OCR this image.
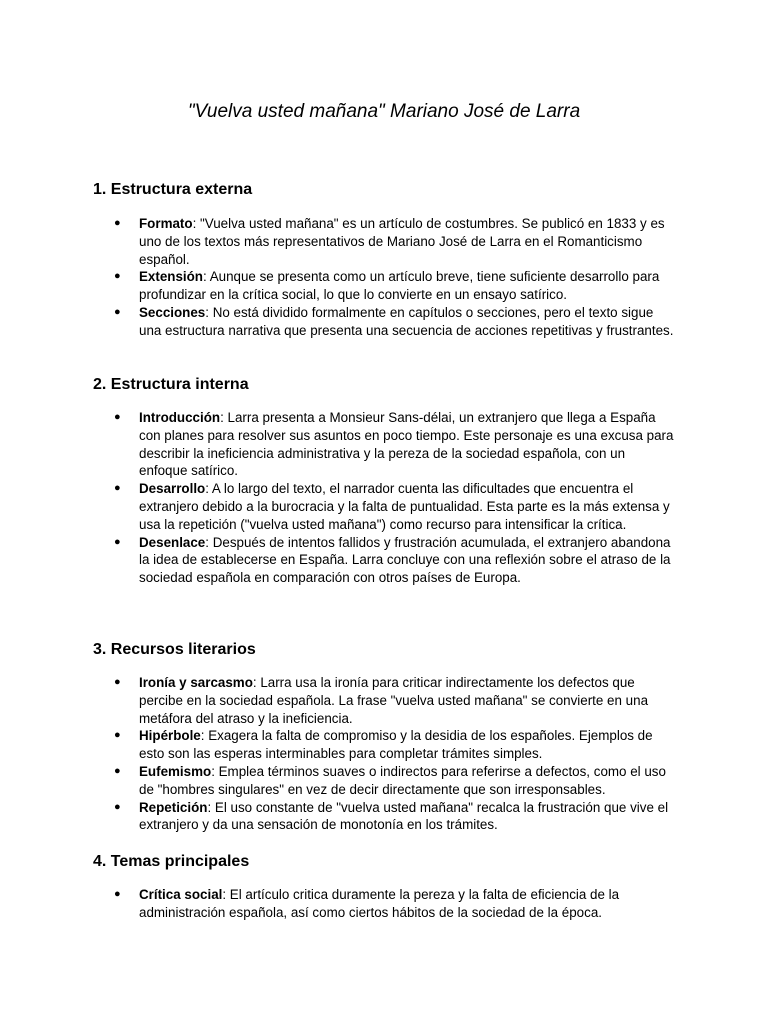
"Vuelva usted mañana" Mariano José de Larra
1. Estructura externa
● Formato: "Vuelva usted mañana" es un artículo de costumbres. Se publicó en 1833 y es uno de los textos más representativos de Mariano José de Larra en el Romanticismo español.
● Extensión: Aunque se presenta como un artículo breve, tiene suficiente desarrollo para profundizar en la crítica social, lo que lo convierte en un ensayo satírico.
● Secciones: No está dividido formalmente en capítulos o secciones, pero el texto sigue una estructura narrativa que presenta una secuencia de acciones repetitivas y frustrantes.
2. Estructura interna
● Introducción: Larra presenta a Monsieur Sans-délai, un extranjero que llega a España con planes para resolver sus asuntos en poco tiempo. Este personaje es una excusa para describir la ineficiencia administrativa y la pereza de la sociedad española, con un enfoque satírico.
● Desarrollo: A lo largo del texto, el narrador cuenta las dificultades que encuentra el extranjero debido a la burocracia y la falta de puntualidad. Esta parte es la más extensa y usa la repetición ("vuelva usted mañana") como recurso para intensificar la crítica.
● Desenlace: Después de intentos fallidos y frustración acumulada, el extranjero abandona la idea de establecerse en España. Larra concluye con una reflexión sobre el atraso de la sociedad española en comparación con otros países de Europa.
3. Recursos literarios
● Ironía y sarcasmo: Larra usa la ironía para criticar indirectamente los defectos que percibe en la sociedad española. La frase "vuelva usted mañana" se convierte en una metáfora del atraso y la ineficiencia.
● Hipérbole: Exagera la falta de compromiso y la desidia de los españoles. Ejemplos de esto son las esperas interminables para completar trámites simples.
● Eufemismo: Emplea términos suaves o indirectos para referirse a defectos, como el uso de "hombres singulares" en vez de decir directamente que son irresponsables.
● Repetición: El uso constante de "vuelva usted mañana" recalca la frustración que vive el extranjero y da una sensación de monotonía en los trámites.
4. Temas principales
● Crítica social: El artículo critica duramente la pereza y la falta de eficiencia de la administración española, así como ciertos hábitos de la sociedad de la época.
